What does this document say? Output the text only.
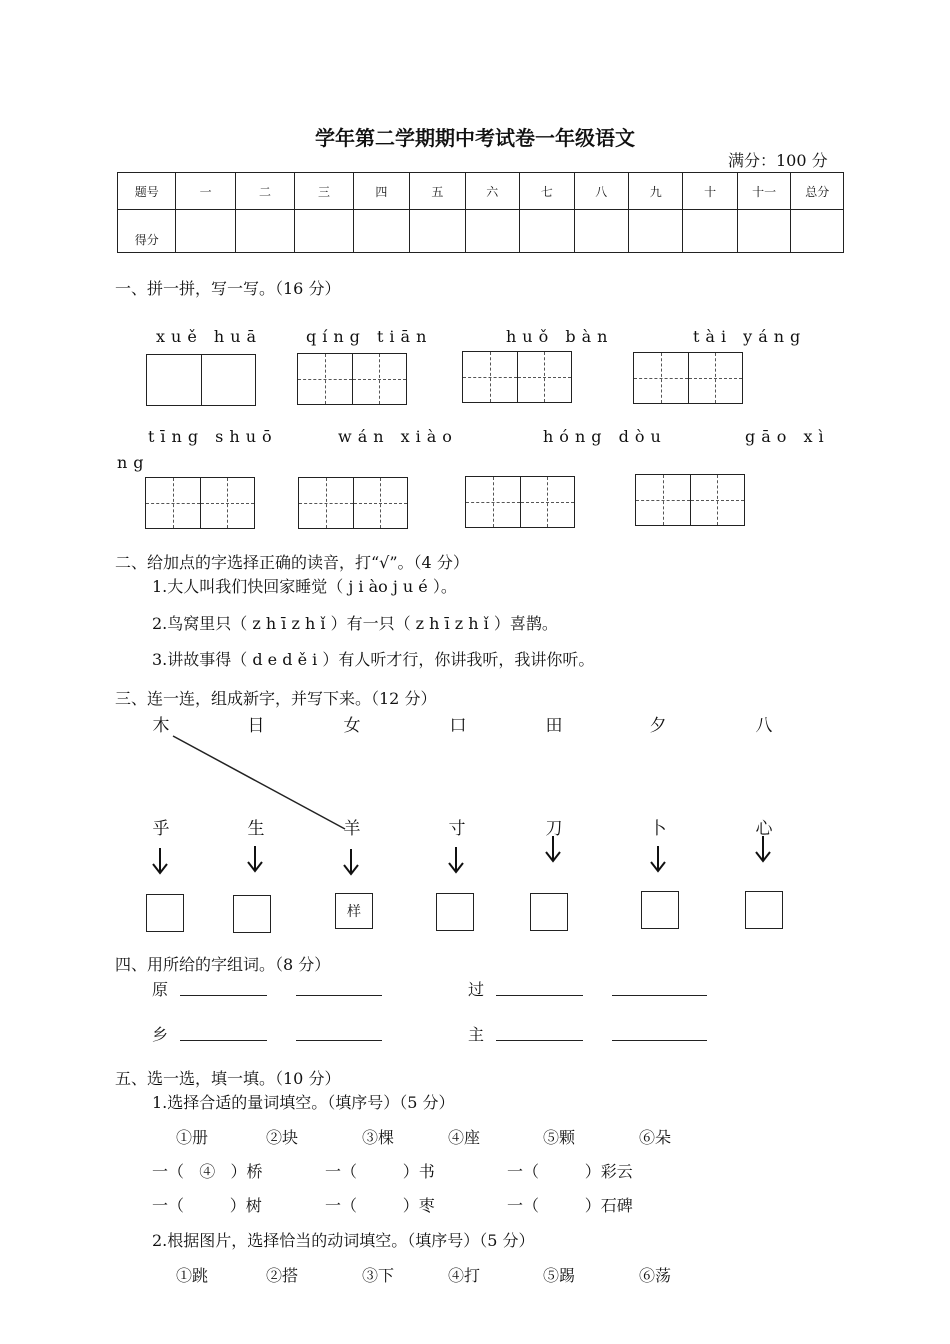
学年第二学期期中考试卷一年级语文
满分：100 分
题号	一	二	三	四	五	六	七	八	九	十	十一	总分
得分												
一、拼一拼，写一写。（16 分）
xuě huā	qíng tiān	huǒ bàn	tài yáng
tīng shuō	wán xiào	hóng dòu	gāo xì
ng
二、给加点的字选择正确的读音，打“√”。（4 分）
1.大人叫我们快回家睡觉（ j i ào j u é ）。
2.鸟窝里只（ z h ī z h ǐ ）有一只（ z h ī z h ǐ ）喜鹊。
3.讲故事得（ d e d ě i ）有人听才行，你讲我听，我讲你听。
三、连一连，组成新字，并写下来。（12 分）
木	日	女	口	田	夕	八
乎	生	羊	寸	刀	卜	心
样
四、用所给的字组词。（8 分）
原	过
乡	主
五、选一选，填一填。（10 分）
1.选择合适的量词填空。（填序号）（5 分）
①册	②块	③棵	④座	⑤颗	⑥朵
一（   ④   ）桥	一（         ）书	一（         ）彩云
一（         ）树	一（         ）枣	一（         ）石碑
2.根据图片，选择恰当的动词填空。（填序号）（5 分）
①跳	②搭	③下	④打	⑤踢	⑥荡
